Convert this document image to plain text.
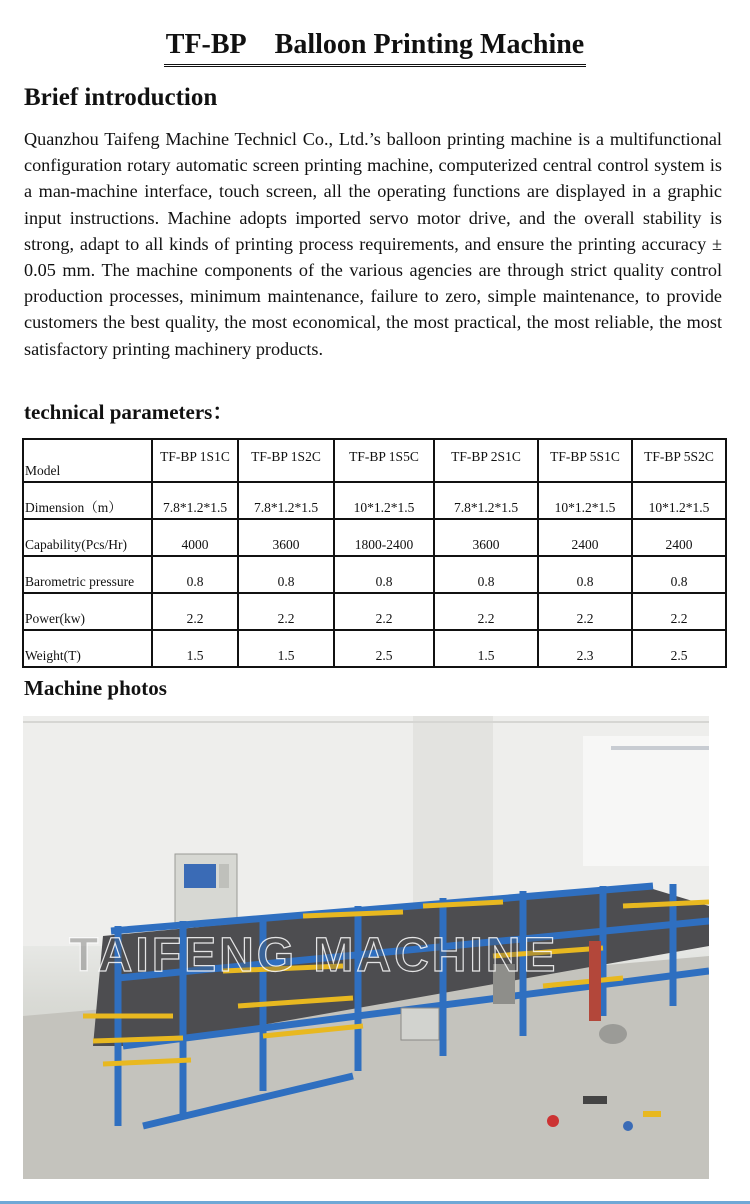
TF-BP Balloon Printing Machine
Brief introduction

Quanzhou Taifeng Machine Technicl Co., Ltd.’s balloon printing machine is a multifunctional configuration rotary automatic screen printing machine, computerized central control system is a man-machine interface, touch screen, all the operating functions are displayed in a graphic input instructions. Machine adopts imported servo motor drive, and the overall stability is strong, adapt to all kinds of printing process requirements, and ensure the printing accuracy ± 0.05 mm. The machine components of the various agencies are through strict quality control production processes, minimum maintenance, failure to zero, simple maintenance, to provide customers the best quality, the most economical, the most practical, the most reliable, the most satisfactory printing machinery products.

technical parameters：
Model	TF-BP 1S1C	TF-BP 1S2C	TF-BP 1S5C	TF-BP 2S1C	TF-BP 5S1C	TF-BP 5S2C
Dimension（m）	7.8*1.2*1.5	7.8*1.2*1.5	10*1.2*1.5	7.8*1.2*1.5	10*1.2*1.5	10*1.2*1.5
Capability(Pcs/Hr)	4000	3600	1800-2400	3600	2400	2400
Barometric pressure	0.8	0.8	0.8	0.8	0.8	0.8
Power(kw)	2.2	2.2	2.2	2.2	2.2	2.2
Weight(T)	1.5	1.5	2.5	1.5	2.3	2.5
Machine photos
TAIFENG MACHINE
